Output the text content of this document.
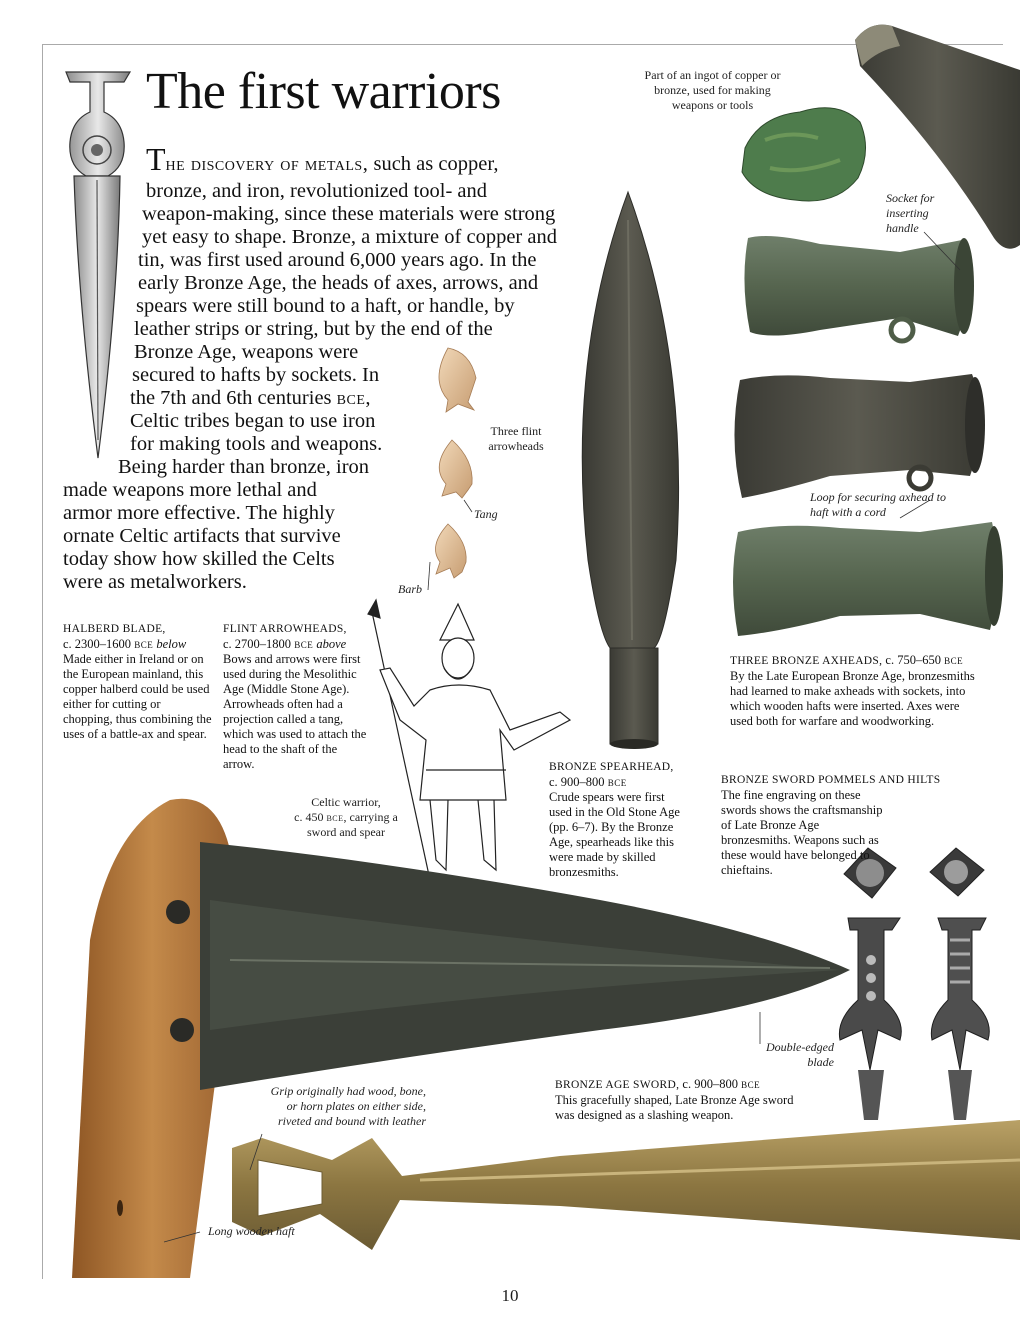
The first warriors
The discovery of metals, such as copper,
bronze, and iron, revolutionized tool- and
weapon-making, since these materials were strong
yet easy to shape. Bronze, a mixture of copper and
tin, was first used around 6,000 years ago. In the
early Bronze Age, the heads of axes, arrows, and
spears were still bound to a haft, or handle, by
leather strips or string, but by the end of the
Bronze Age, weapons were
secured to hafts by sockets. In
the 7th and 6th centuries bce,
Celtic tribes began to use iron
for making tools and weapons.
Being harder than bronze, iron
made weapons more lethal and
armor more effective. The highly
ornate Celtic artifacts that survive
today show how skilled the Celts
were as metalworkers.
Part of an ingot of copper or bronze, used for making weapons or tools
Socket for inserting handle
Three flint arrowheads
Tang
Barb
Loop for securing axhead to haft with a cord
Celtic warrior,
c. 450 bce, carrying a
sword and spear
Double-edged blade
Grip originally had wood, bone, or horn plates on either side, riveted and bound with leather
Long wooden haft
HALBERD BLADE,
c. 2300–1600 bce below
Made either in Ireland or on the European mainland, this copper halberd could be used either for cutting or chopping, thus combining the uses of a battle-ax and spear.
FLINT ARROWHEADS,
c. 2700–1800 bce above
Bows and arrows were first used during the Mesolithic Age (Middle Stone Age). Arrowheads often had a projection called a tang, which was used to attach the head to the shaft of the arrow.
THREE BRONZE AXHEADS, c. 750–650 bce
By the Late European Bronze Age, bronzesmiths had learned to make axheads with sockets, into which wooden hafts were inserted. Axes were used both for warfare and woodworking.
BRONZE SPEARHEAD,
c. 900–800 bce
Crude spears were first used in the Old Stone Age (pp. 6–7). By the Bronze Age, spearheads like this were made by skilled bronzesmiths.
BRONZE SWORD POMMELS AND HILTS
The fine engraving on these swords shows the craftsmanship of Late Bronze Age bronzesmiths. Weapons such as these would have belonged to chieftains.
BRONZE AGE SWORD, c. 900–800 bce
This gracefully shaped, Late Bronze Age sword was designed as a slashing weapon.
10
